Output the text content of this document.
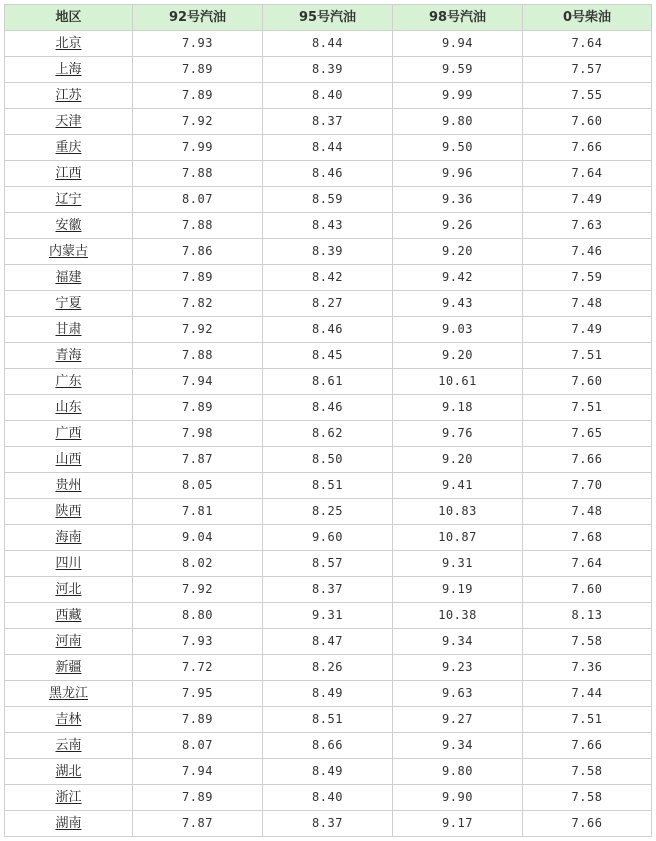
地区	92号汽油	95号汽油	98号汽油	0号柴油
北京	7.93	8.44	9.94	7.64
上海	7.89	8.39	9.59	7.57
江苏	7.89	8.40	9.99	7.55
天津	7.92	8.37	9.80	7.60
重庆	7.99	8.44	9.50	7.66
江西	7.88	8.46	9.96	7.64
辽宁	8.07	8.59	9.36	7.49
安徽	7.88	8.43	9.26	7.63
内蒙古	7.86	8.39	9.20	7.46
福建	7.89	8.42	9.42	7.59
宁夏	7.82	8.27	9.43	7.48
甘肃	7.92	8.46	9.03	7.49
青海	7.88	8.45	9.20	7.51
广东	7.94	8.61	10.61	7.60
山东	7.89	8.46	9.18	7.51
广西	7.98	8.62	9.76	7.65
山西	7.87	8.50	9.20	7.66
贵州	8.05	8.51	9.41	7.70
陕西	7.81	8.25	10.83	7.48
海南	9.04	9.60	10.87	7.68
四川	8.02	8.57	9.31	7.64
河北	7.92	8.37	9.19	7.60
西藏	8.80	9.31	10.38	8.13
河南	7.93	8.47	9.34	7.58
新疆	7.72	8.26	9.23	7.36
黑龙江	7.95	8.49	9.63	7.44
吉林	7.89	8.51	9.27	7.51
云南	8.07	8.66	9.34	7.66
湖北	7.94	8.49	9.80	7.58
浙江	7.89	8.40	9.90	7.58
湖南	7.87	8.37	9.17	7.66
